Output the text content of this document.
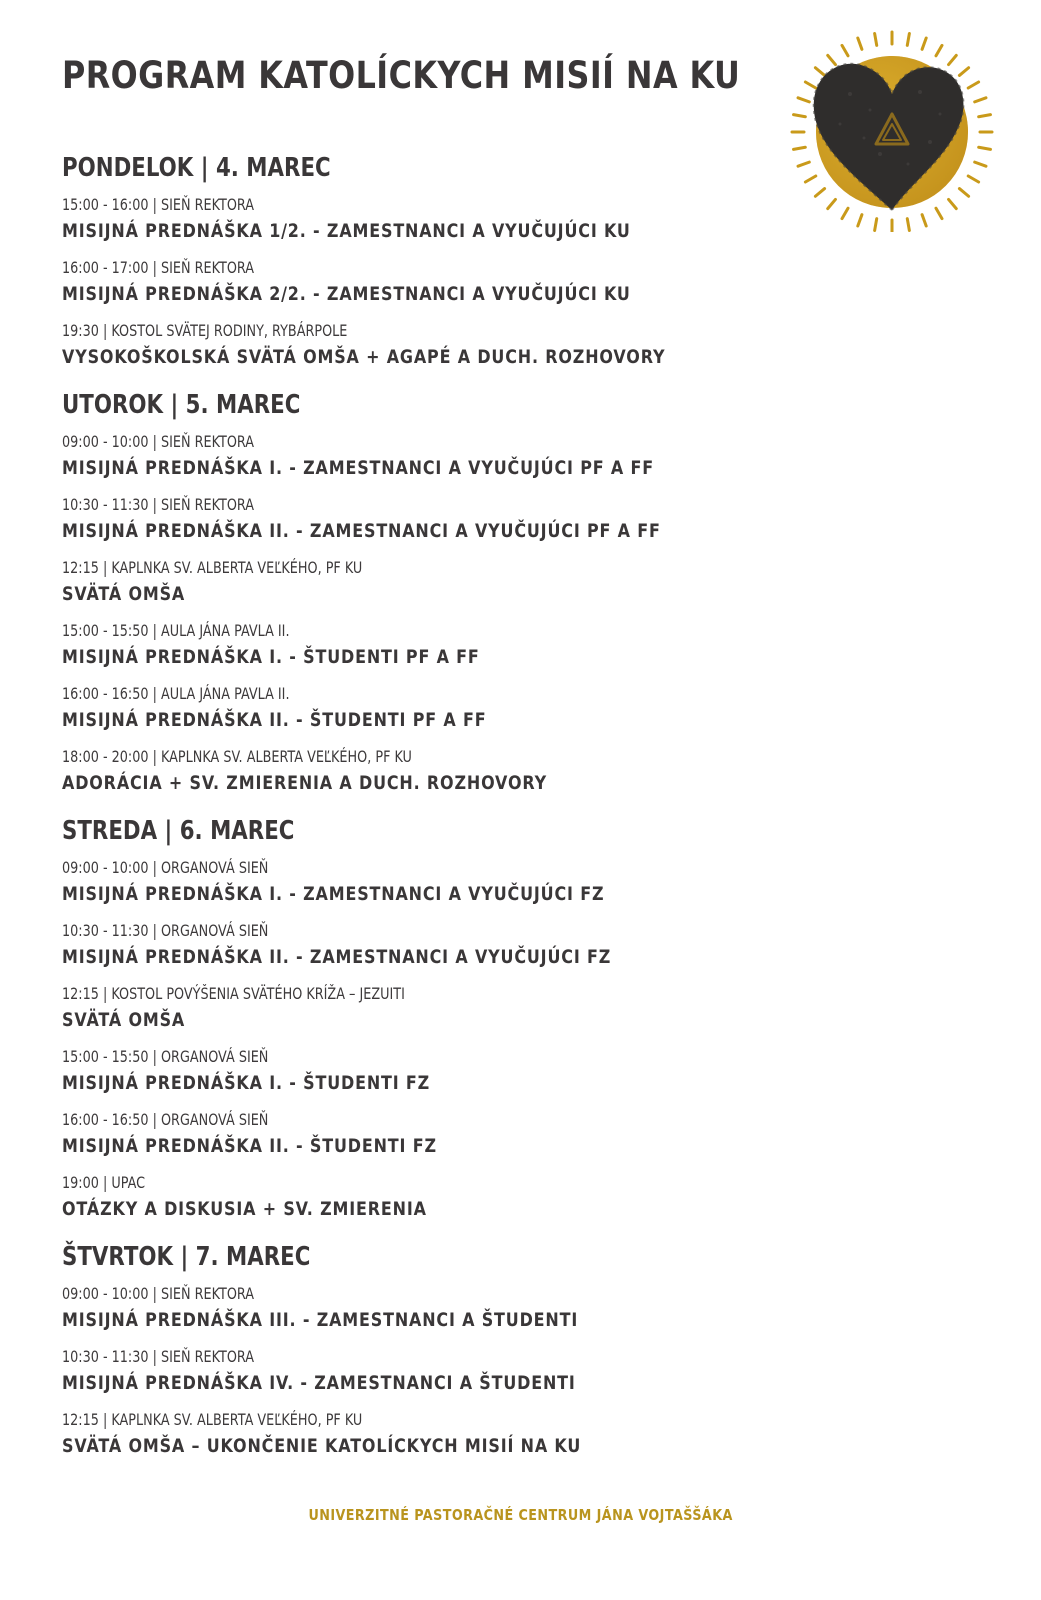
PROGRAM KATOLÍCKYCH MISIÍ NA KU
PONDELOK | 4. MAREC
15:00 - 16:00 | SIEŇ REKTORA
MISIJNÁ PREDNÁŠKA 1/2. - ZAMESTNANCI A VYUČUJÚCI KU
16:00 - 17:00 | SIEŇ REKTORA
MISIJNÁ PREDNÁŠKA 2/2. - ZAMESTNANCI A VYUČUJÚCI KU
19:30 | KOSTOL SVÄTEJ RODINY, RYBÁRPOLE
VYSOKOŠKOLSKÁ SVÄTÁ OMŠA + AGAPÉ A DUCH. ROZHOVORY
UTOROK | 5. MAREC
09:00 - 10:00 | SIEŇ REKTORA
MISIJNÁ PREDNÁŠKA I. - ZAMESTNANCI A VYUČUJÚCI PF A FF
10:30 - 11:30 | SIEŇ REKTORA
MISIJNÁ PREDNÁŠKA II. - ZAMESTNANCI A VYUČUJÚCI PF A FF
12:15 | KAPLNKA SV. ALBERTA VEĽKÉHO, PF KU
SVÄTÁ OMŠA
15:00 - 15:50 | AULA JÁNA PAVLA II.
MISIJNÁ PREDNÁŠKA I. - ŠTUDENTI PF A FF
16:00 - 16:50 | AULA JÁNA PAVLA II.
MISIJNÁ PREDNÁŠKA II. - ŠTUDENTI PF A FF
18:00 - 20:00 | KAPLNKA SV. ALBERTA VEĽKÉHO, PF KU
ADORÁCIA + SV. ZMIERENIA A DUCH. ROZHOVORY
STREDA | 6. MAREC
09:00 - 10:00 | ORGANOVÁ SIEŇ
MISIJNÁ PREDNÁŠKA I. - ZAMESTNANCI A VYUČUJÚCI FZ
10:30 - 11:30 | ORGANOVÁ SIEŇ
MISIJNÁ PREDNÁŠKA II. - ZAMESTNANCI A VYUČUJÚCI FZ
12:15 | KOSTOL POVÝŠENIA SVÄTÉHO KRÍŽA – JEZUITI
SVÄTÁ OMŠA
15:00 - 15:50 | ORGANOVÁ SIEŇ
MISIJNÁ PREDNÁŠKA I. - ŠTUDENTI FZ
16:00 - 16:50 | ORGANOVÁ SIEŇ
MISIJNÁ PREDNÁŠKA II. - ŠTUDENTI FZ
19:00 | UPAC
OTÁZKY A DISKUSIA + SV. ZMIERENIA
ŠTVRTOK | 7. MAREC
09:00 - 10:00 | SIEŇ REKTORA
MISIJNÁ PREDNÁŠKA III. - ZAMESTNANCI A ŠTUDENTI
10:30 - 11:30 | SIEŇ REKTORA
MISIJNÁ PREDNÁŠKA IV. - ZAMESTNANCI A ŠTUDENTI
12:15 | KAPLNKA SV. ALBERTA VEĽKÉHO, PF KU
SVÄTÁ OMŠA – UKONČENIE KATOLÍCKYCH MISIÍ NA KU
UNIVERZITNÉ PASTORAČNÉ CENTRUM JÁNA VOJTAŠŠÁKA
